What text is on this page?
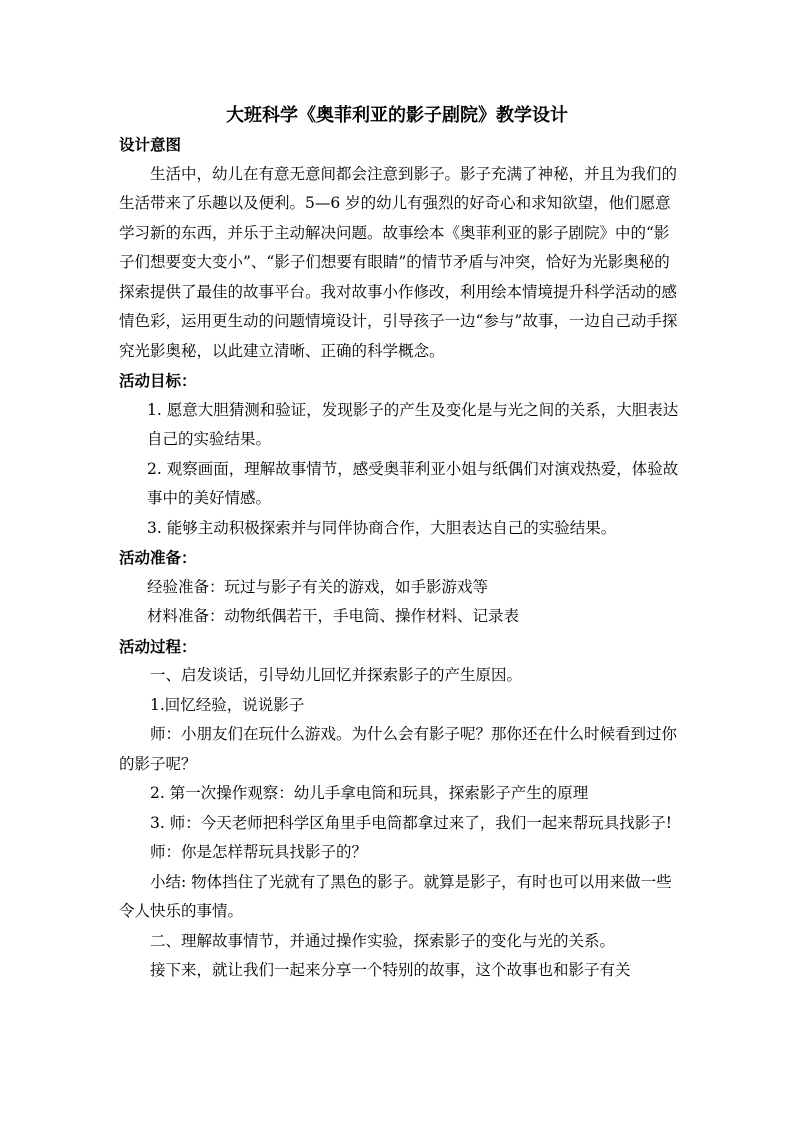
大班科学《奥菲利亚的影子剧院》教学设计

设计意图

生活中，幼儿在有意无意间都会注意到影子。影子充满了神秘，并且为我们的生活带来了乐趣以及便利。5—6 岁的幼儿有强烈的好奇心和求知欲望，他们愿意学习新的东西，并乐于主动解决问题。故事绘本《奥菲利亚的影子剧院》中的“影子们想要变大变小”、“影子们想要有眼睛”的情节矛盾与冲突，恰好为光影奥秘的探索提供了最佳的故事平台。我对故事小作修改，利用绘本情境提升科学活动的感情色彩，运用更生动的问题情境设计，引导孩子一边“参与”故事，一边自己动手探究光影奥秘，以此建立清晰、正确的科学概念。

活动目标：

1. 愿意大胆猜测和验证，发现影子的产生及变化是与光之间的关系，大胆表达自己的实验结果。

2. 观察画面，理解故事情节，感受奥菲利亚小姐与纸偶们对演戏热爱，体验故事中的美好情感。

3. 能够主动积极探索并与同伴协商合作，大胆表达自己的实验结果。

活动准备：

经验准备：玩过与影子有关的游戏，如手影游戏等

材料准备：动物纸偶若干，手电筒、操作材料、记录表

活动过程：

一、启发谈话，引导幼儿回忆并探索影子的产生原因。

1.回忆经验，说说影子

师：小朋友们在玩什么游戏。为什么会有影子呢？那你还在什么时候看到过你的影子呢？

2. 第一次操作观察：幼儿手拿电筒和玩具，探索影子产生的原理

3. 师：今天老师把科学区角里手电筒都拿过来了，我们一起来帮玩具找影子!

师：你是怎样帮玩具找影子的？

小结: 物体挡住了光就有了黑色的影子。就算是影子，有时也可以用来做一些令人快乐的事情。

二、理解故事情节，并通过操作实验，探索影子的变化与光的关系。

接下来，就让我们一起来分享一个特别的故事，这个故事也和影子有关
